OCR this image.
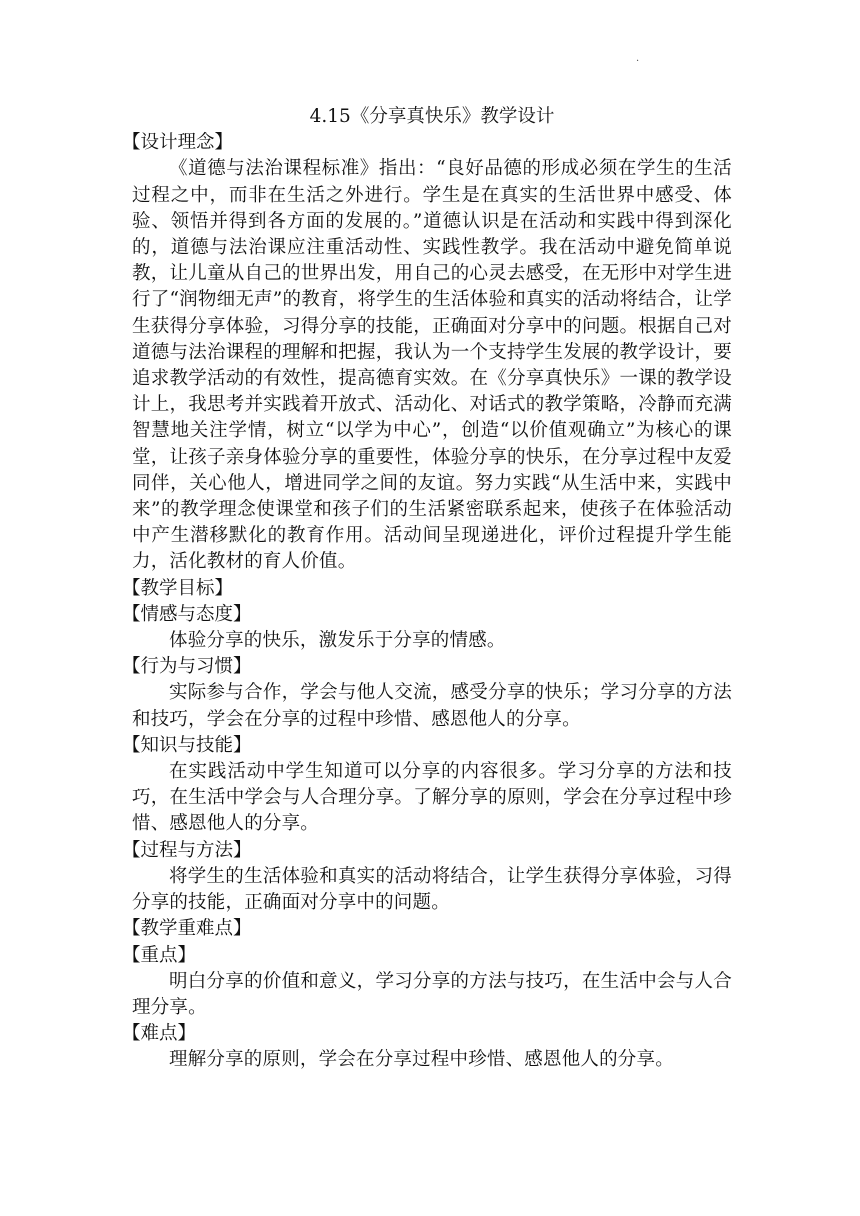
·

4.15《分享真快乐》教学设计

【设计理念】

《道德与法治课程标准》指出：“良好品德的形成必须在学生的生活过程之中，而非在生活之外进行。学生是在真实的生活世界中感受、体验、领悟并得到各方面的发展的。”道德认识是在活动和实践中得到深化的，道德与法治课应注重活动性、实践性教学。我在活动中避免简单说教，让儿童从自己的世界出发，用自己的心灵去感受，在无形中对学生进行了“润物细无声”的教育，将学生的生活体验和真实的活动将结合，让学生获得分享体验，习得分享的技能，正确面对分享中的问题。根据自己对道德与法治课程的理解和把握，我认为一个支持学生发展的教学设计，要追求教学活动的有效性，提高德育实效。在《分享真快乐》一课的教学设计上，我思考并实践着开放式、活动化、对话式的教学策略，冷静而充满智慧地关注学情，树立“以学为中心”，创造“以价值观确立”为核心的课堂，让孩子亲身体验分享的重要性，体验分享的快乐，在分享过程中友爱同伴，关心他人，增进同学之间的友谊。努力实践“从生活中来，实践中来”的教学理念使课堂和孩子们的生活紧密联系起来，使孩子在体验活动中产生潜移默化的教育作用。活动间呈现递进化，评价过程提升学生能力，活化教材的育人价值。

【教学目标】

【情感与态度】

体验分享的快乐，激发乐于分享的情感。

【行为与习惯】

实际参与合作，学会与他人交流，感受分享的快乐；学习分享的方法和技巧，学会在分享的过程中珍惜、感恩他人的分享。

【知识与技能】

在实践活动中学生知道可以分享的内容很多。学习分享的方法和技巧，在生活中学会与人合理分享。了解分享的原则，学会在分享过程中珍惜、感恩他人的分享。

【过程与方法】

将学生的生活体验和真实的活动将结合，让学生获得分享体验，习得分享的技能，正确面对分享中的问题。

【教学重难点】

【重点】

明白分享的价值和意义，学习分享的方法与技巧，在生活中会与人合理分享。

【难点】

理解分享的原则，学会在分享过程中珍惜、感恩他人的分享。
